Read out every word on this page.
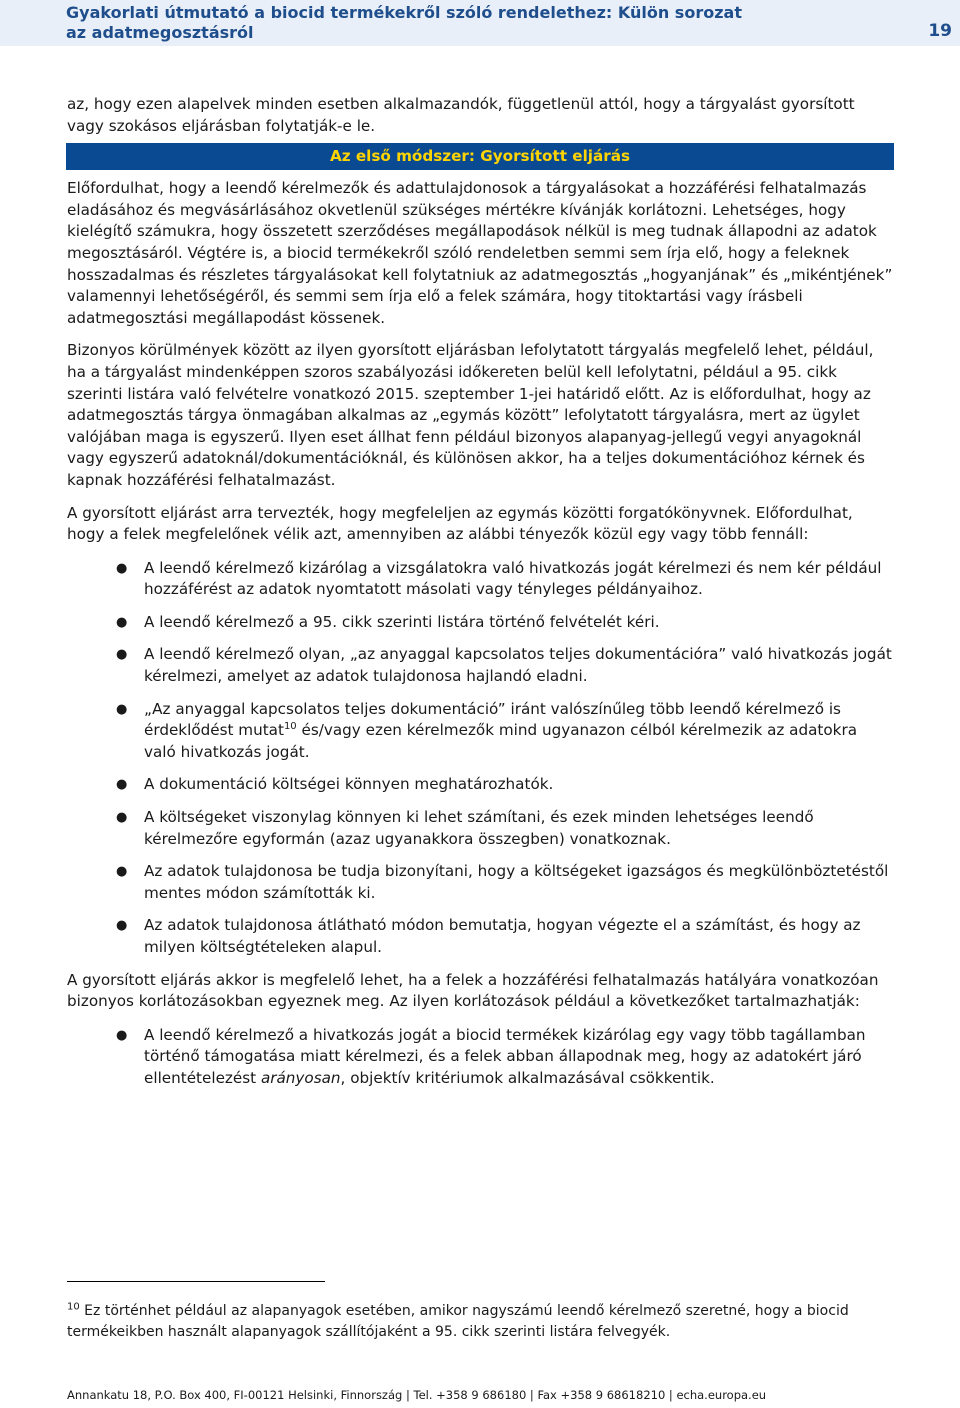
Gyakorlati útmutató a biocid termékekről szóló rendelethez: Külön sorozat
az adatmegosztásról	19

az, hogy ezen alapelvek minden esetben alkalmazandók, függetlenül attól, hogy a tárgyalást gyorsított vagy szokásos eljárásban folytatják-e le.

Az első módszer: Gyorsított eljárás

Előfordulhat, hogy a leendő kérelmezők és adattulajdonosok a tárgyalásokat a hozzáférési felhatalmazás eladásához és megvásárlásához okvetlenül szükséges mértékre kívánják korlátozni. Lehetséges, hogy kielégítő számukra, hogy összetett szerződéses megállapodások nélkül is meg tudnak állapodni az adatok megosztásáról. Végtére is, a biocid termékekről szóló rendeletben semmi sem írja elő, hogy a feleknek hosszadalmas és részletes tárgyalásokat kell folytatniuk az adatmegosztás „hogyanjának” és „mikéntjének” valamennyi lehetőségéről, és semmi sem írja elő a felek számára, hogy titoktartási vagy írásbeli adatmegosztási megállapodást kössenek.

Bizonyos körülmények között az ilyen gyorsított eljárásban lefolytatott tárgyalás megfelelő lehet, például, ha a tárgyalást mindenképpen szoros szabályozási időkereten belül kell lefolytatni, például a 95. cikk szerinti listára való felvételre vonatkozó 2015. szeptember 1-jei határidő előtt. Az is előfordulhat, hogy az adatmegosztás tárgya önmagában alkalmas az „egymás között” lefolytatott tárgyalásra, mert az ügylet valójában maga is egyszerű. Ilyen eset állhat fenn például bizonyos alapanyag-jellegű vegyi anyagoknál vagy egyszerű adatoknál/dokumentációknál, és különösen akkor, ha a teljes dokumentációhoz kérnek és kapnak hozzáférési felhatalmazást.

A gyorsított eljárást arra tervezték, hogy megfeleljen az egymás közötti forgatókönyvnek. Előfordulhat, hogy a felek megfelelőnek vélik azt, amennyiben az alábbi tényezők közül egy vagy több fennáll:

● A leendő kérelmező kizárólag a vizsgálatokra való hivatkozás jogát kérelmezi és nem kér például hozzáférést az adatok nyomtatott másolati vagy tényleges példányaihoz.
● A leendő kérelmező a 95. cikk szerinti listára történő felvételét kéri.
● A leendő kérelmező olyan, „az anyaggal kapcsolatos teljes dokumentációra” való hivatkozás jogát kérelmezi, amelyet az adatok tulajdonosa hajlandó eladni.
● „Az anyaggal kapcsolatos teljes dokumentáció” iránt valószínűleg több leendő kérelmező is érdeklődést mutat$^{10}$ és/vagy ezen kérelmezők mind ugyanazon célból kérelmezik az adatokra való hivatkozás jogát.
● A dokumentáció költségei könnyen meghatározhatók.
● A költségeket viszonylag könnyen ki lehet számítani, és ezek minden lehetséges leendő kérelmezőre egyformán (azaz ugyanakkora összegben) vonatkoznak.
● Az adatok tulajdonosa be tudja bizonyítani, hogy a költségeket igazságos és megkülönböztetéstől mentes módon számították ki.
● Az adatok tulajdonosa átlátható módon bemutatja, hogyan végezte el a számítást, és hogy az milyen költségtételeken alapul.

A gyorsított eljárás akkor is megfelelő lehet, ha a felek a hozzáférési felhatalmazás hatályára vonatkozóan bizonyos korlátozásokban egyeznek meg. Az ilyen korlátozások például a következőket tartalmazhatják:

● A leendő kérelmező a hivatkozás jogát a biocid termékek kizárólag egy vagy több tagállamban történő támogatása miatt kérelmezi, és a felek abban állapodnak meg, hogy az adatokért járó ellentételezést arányosan, objektív kritériumok alkalmazásával csökkentik.
$^{10}$ Ez történhet például az alapanyagok esetében, amikor nagyszámú leendő kérelmező szeretné, hogy a biocid termékeikben használt alapanyagok szállítójaként a 95. cikk szerinti listára felvegyék.
Annankatu 18, P.O. Box 400, FI-00121 Helsinki, Finnország | Tel. +358 9 686180 | Fax +358 9 68618210 | echa.europa.eu
